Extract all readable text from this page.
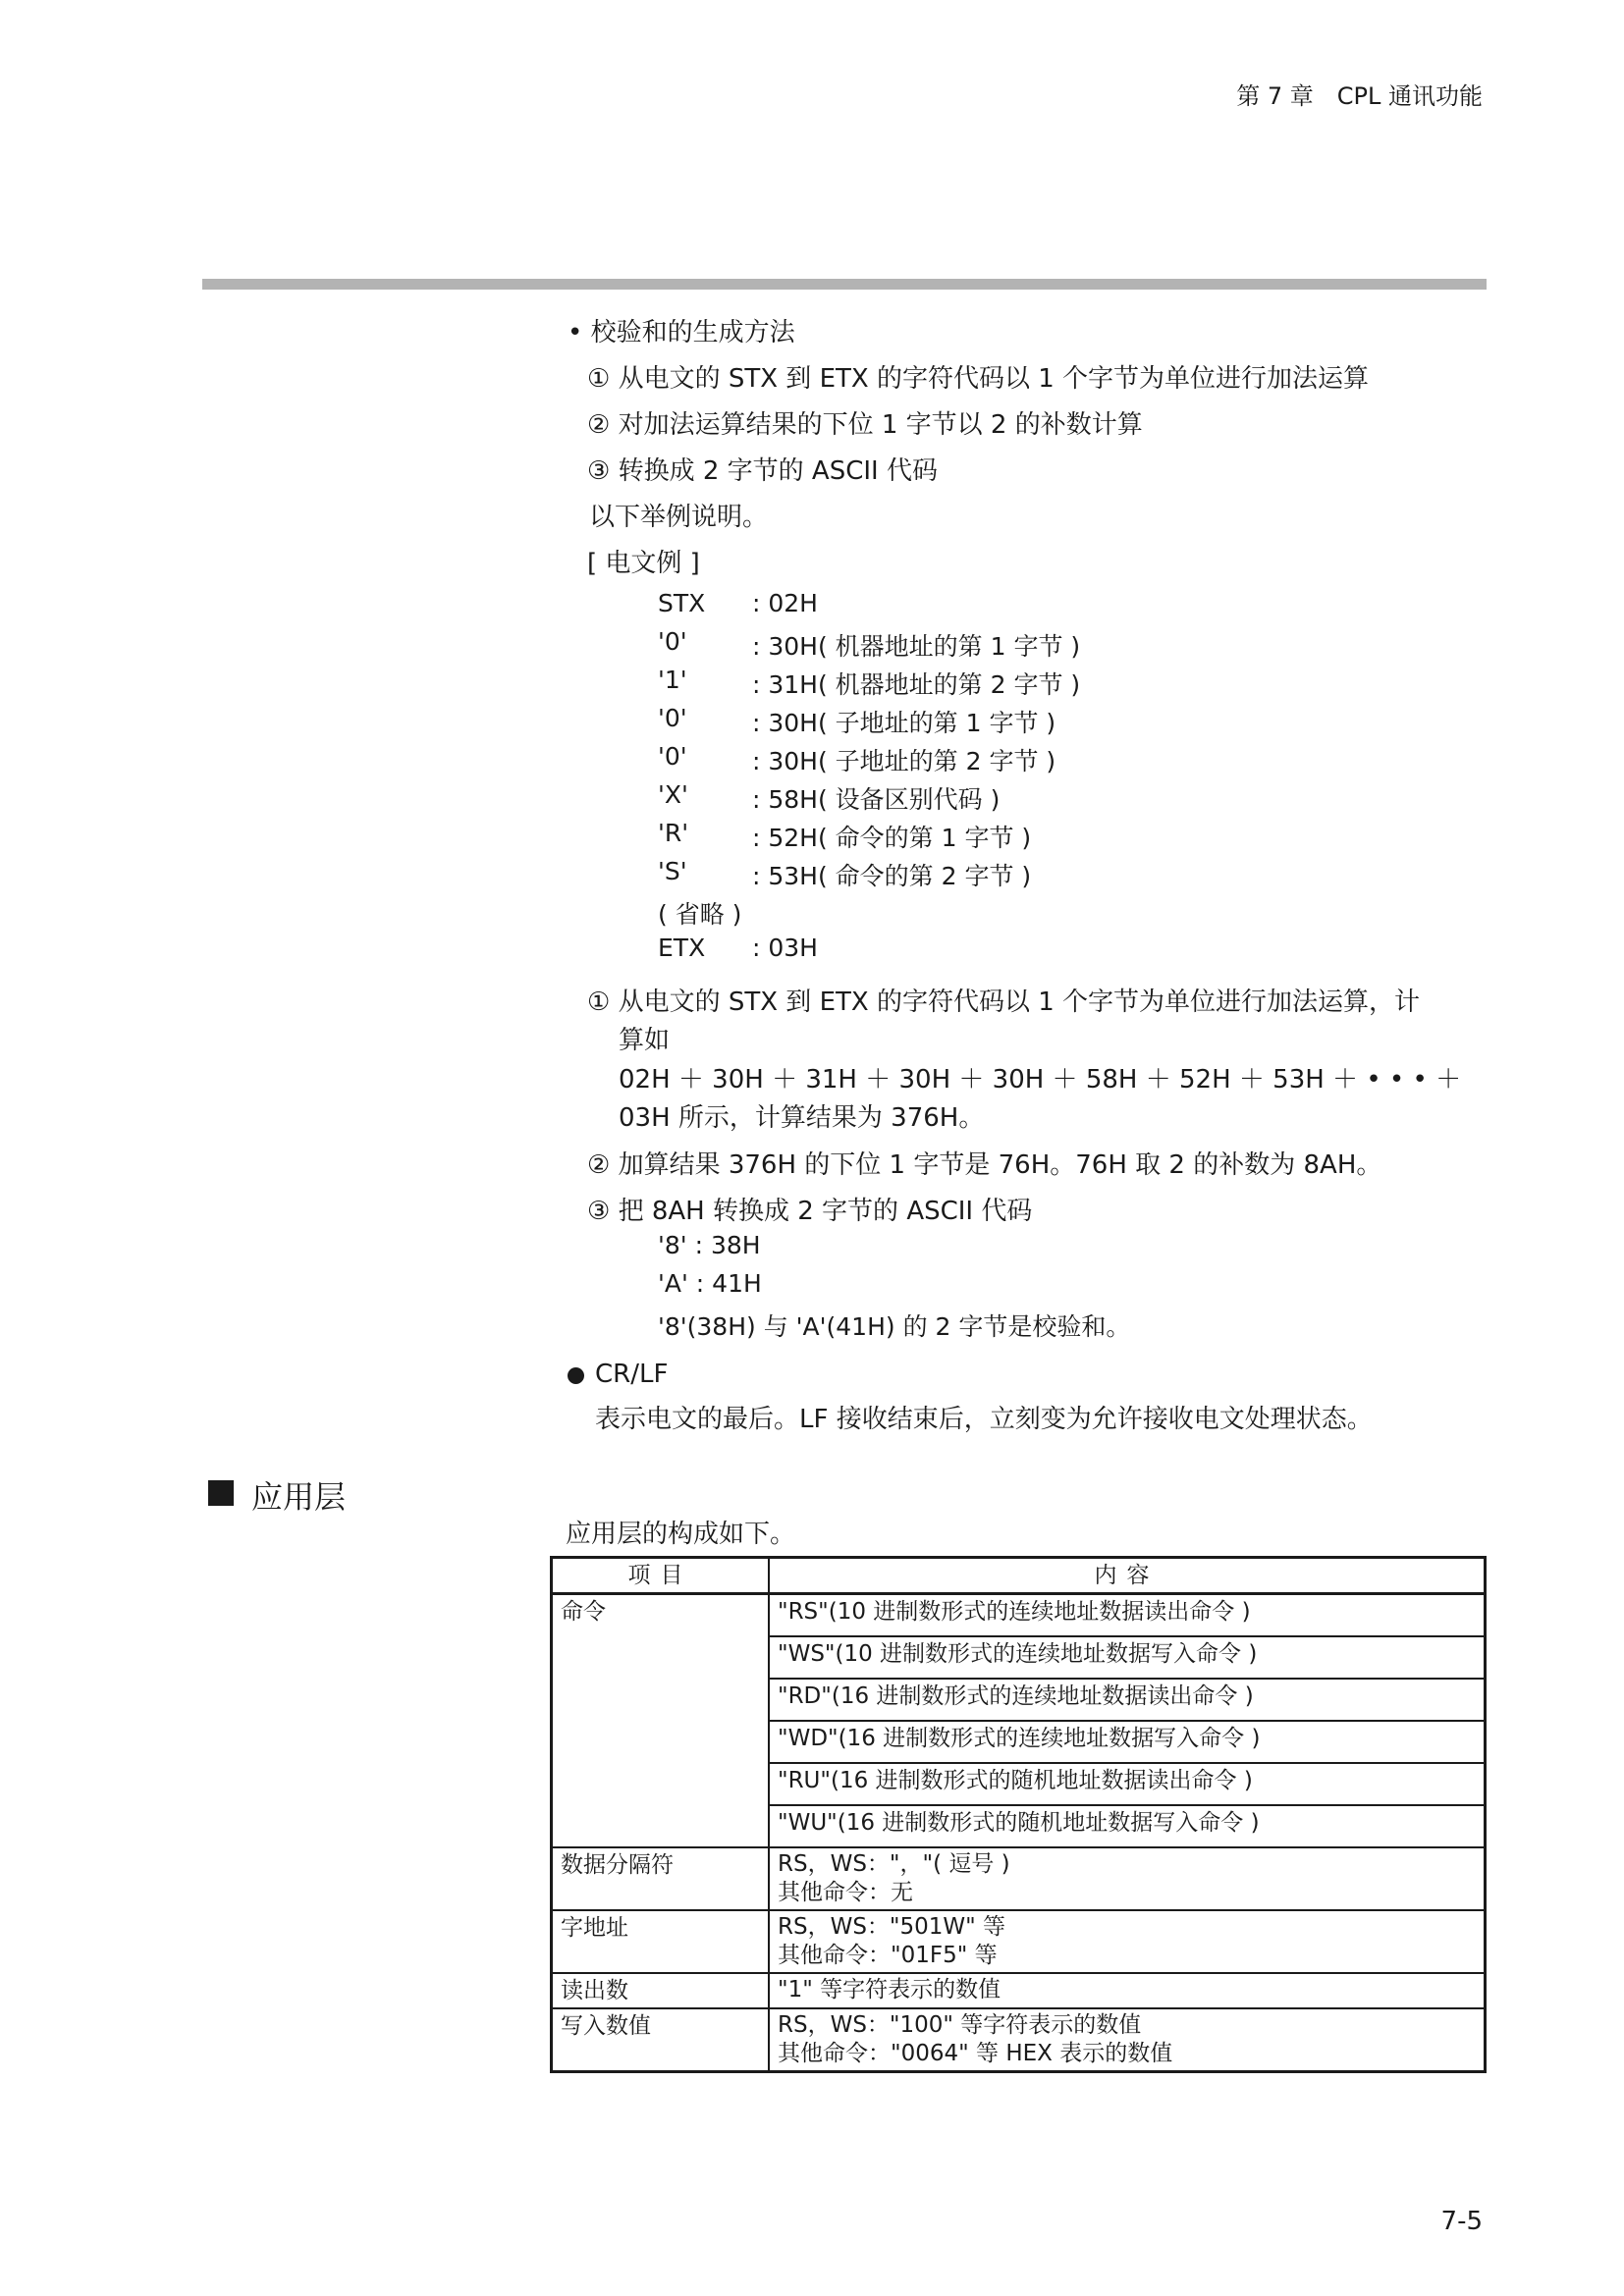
第 7 章　CPL 通讯功能
• 校验和的生成方法
① 从电文的 STX 到 ETX 的字符代码以 1 个字节为单位进行加法运算
② 对加法运算结果的下位 1 字节以 2 的补数计算
③ 转换成 2 字节的 ASCII 代码
以下举例说明。
[ 电文例 ]
STX : 02H
'0'	: 30H( 机器地址的第 1 字节 )
'1'	: 31H( 机器地址的第 2 字节 )
'0'	: 30H( 子地址的第 1 字节 )
'0'	: 30H( 子地址的第 2 字节 )
'X'	: 58H( 设备区别代码 )
'R'	: 52H( 命令的第 1 字节 )
'S'	: 53H( 命令的第 2 字节 )
( 省略 )
ETX : 03H
① 从电文的 STX 到 ETX 的字符代码以 1 个字节为单位进行加法运算，计
算如
02H ＋ 30H ＋ 31H ＋ 30H ＋ 30H ＋ 58H ＋ 52H ＋ 53H ＋ • • • ＋
03H 所示，计算结果为 376H。
② 加算结果 376H 的下位 1 字节是 76H。76H 取 2 的补数为 8AH。
③ 把 8AH 转换成 2 字节的 ASCII 代码
'8' : 38H
'A' : 41H
'8'(38H) 与 'A'(41H) 的 2 字节是校验和。
CR/LF
表示电文的最后。LF 接收结束后，立刻变为允许接收电文处理状态。
应用层
应用层的构成如下。
项目	内容
命令	"RS"(10 进制数形式的连续地址数据读出命令 )
	"WS"(10 进制数形式的连续地址数据写入命令 )
	"RD"(16 进制数形式的连续地址数据读出命令 )
	"WD"(16 进制数形式的连续地址数据写入命令 )
	"RU"(16 进制数形式的随机地址数据读出命令 )
	"WU"(16 进制数形式的随机地址数据写入命令 )
数据分隔符	RS，WS："，"( 逗号 )
其他命令：无

字地址	RS，WS："501W" 等
其他命令："01F5" 等

读出数	"1" 等字符表示的数值

写入数值	RS，WS："100" 等字符表示的数值
其他命令："0064" 等 HEX 表示的数值
7-5
